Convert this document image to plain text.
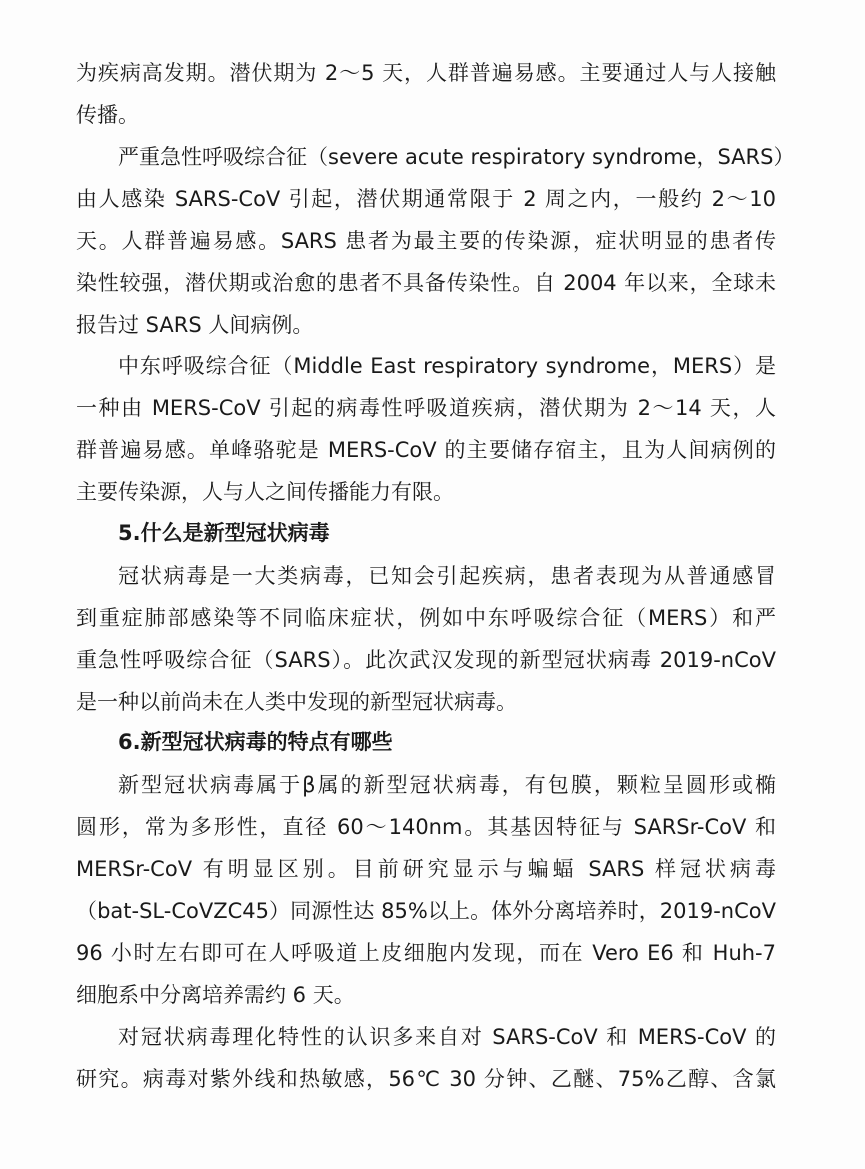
为疾病高发期。潜伏期为 2～5 天，人群普遍易感。主要通过人与人接触
传播。
严重急性呼吸综合征（severe acute respiratory syndrome，SARS）
由人感染 SARS-CoV 引起，潜伏期通常限于 2 周之内，一般约 2～10
天。人群普遍易感。SARS 患者为最主要的传染源，症状明显的患者传
染性较强，潜伏期或治愈的患者不具备传染性。自 2004 年以来，全球未
报告过 SARS 人间病例。
中东呼吸综合征（Middle East respiratory syndrome，MERS）是
一种由 MERS-CoV 引起的病毒性呼吸道疾病，潜伏期为 2～14 天，人
群普遍易感。单峰骆驼是 MERS-CoV 的主要储存宿主，且为人间病例的
主要传染源，人与人之间传播能力有限。
5.什么是新型冠状病毒
冠状病毒是一大类病毒，已知会引起疾病，患者表现为从普通感冒
到重症肺部感染等不同临床症状，例如中东呼吸综合征（MERS）和严
重急性呼吸综合征（SARS）。此次武汉发现的新型冠状病毒 2019-nCoV
是一种以前尚未在人类中发现的新型冠状病毒。
6.新型冠状病毒的特点有哪些
新型冠状病毒属于β属的新型冠状病毒，有包膜，颗粒呈圆形或椭
圆形，常为多形性，直径 60～140nm。其基因特征与 SARSr-CoV 和
MERSr-CoV 有明显区别。目前研究显示与蝙蝠 SARS 样冠状病毒
（bat-SL-CoVZC45）同源性达 85%以上。体外分离培养时，2019-nCoV
96 小时左右即可在人呼吸道上皮细胞内发现，而在 Vero E6 和 Huh-7
细胞系中分离培养需约 6 天。
对冠状病毒理化特性的认识多来自对 SARS-CoV 和 MERS-CoV 的
研究。病毒对紫外线和热敏感，56℃ 30 分钟、乙醚、75%乙醇、含氯
